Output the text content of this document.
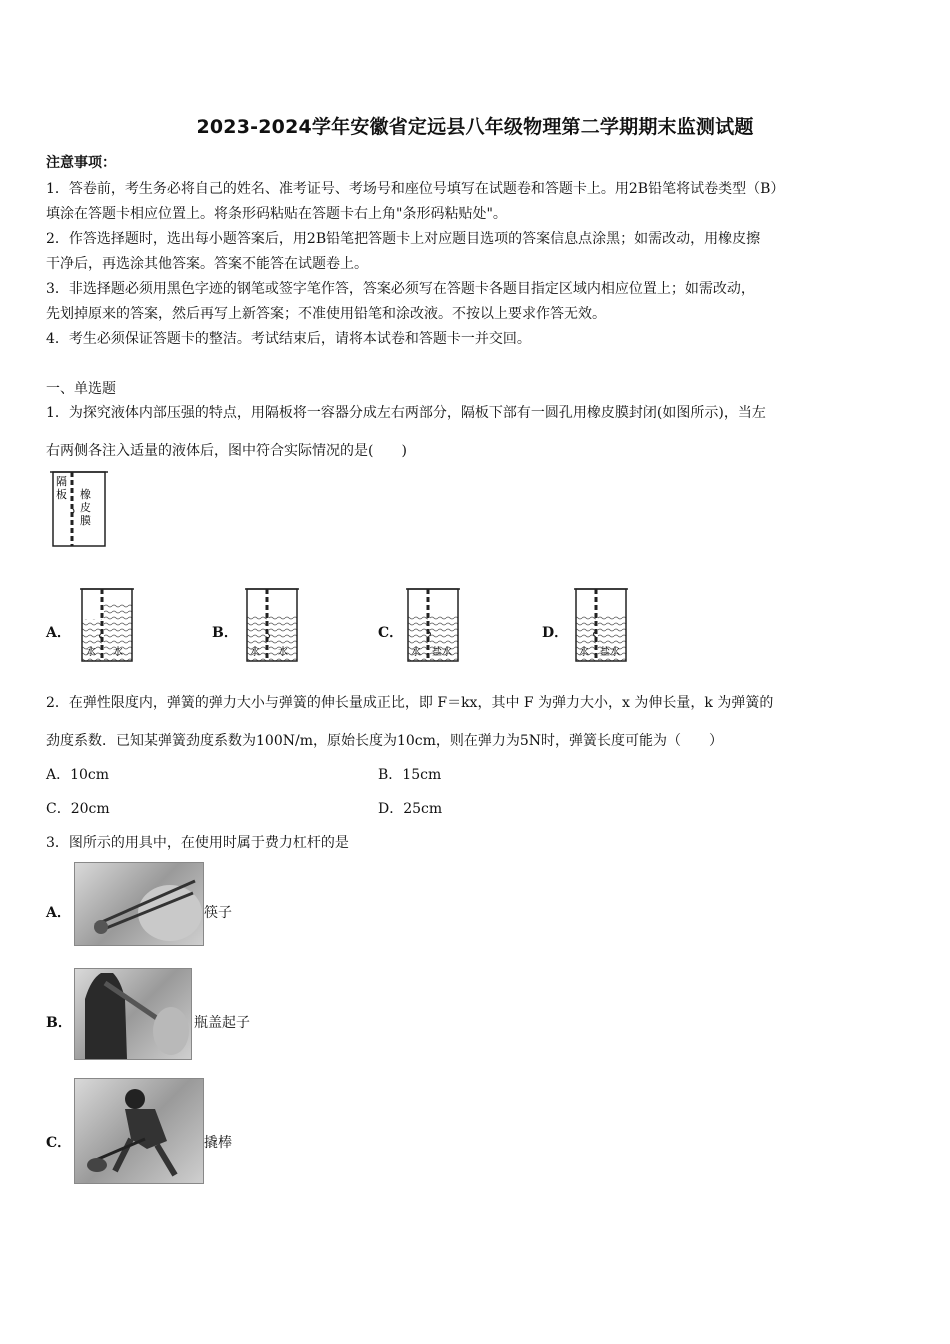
2023-2024学年安徽省定远县八年级物理第二学期期末监测试题
注意事项：
1．答卷前，考生务必将自己的姓名、准考证号、考场号和座位号填写在试题卷和答题卡上。用2B铅笔将试卷类型（B）
填涂在答题卡相应位置上。将条形码粘贴在答题卡右上角"条形码粘贴处"。
2．作答选择题时，选出每小题答案后，用2B铅笔把答题卡上对应题目选项的答案信息点涂黑；如需改动，用橡皮擦
干净后，再选涂其他答案。答案不能答在试题卷上。
3．非选择题必须用黑色字迹的钢笔或签字笔作答，答案必须写在答题卡各题目指定区域内相应位置上；如需改动，
先划掉原来的答案，然后再写上新答案；不准使用铅笔和涂改液。不按以上要求作答无效。
4．考生必须保证答题卡的整洁。考试结束后，请将本试卷和答题卡一并交回。
一、单选题
1．为探究液体内部压强的特点，用隔板将一容器分成左右两部分，隔板下部有一圆孔用橡皮膜封闭(如图所示)，当左
右两侧各注入适量的液体后，图中符合实际情况的是(　　)
隔
板 橡
皮
膜
A．
水 水
B．
水 水
C．
水 盐水
D．
水 盐水
2．在弹性限度内，弹簧的弹力大小与弹簧的伸长量成正比，即 F＝kx，其中 F 为弹力大小，x 为伸长量，k 为弹簧的
劲度系数．已知某弹簧劲度系数为100N/m，原始长度为10cm，则在弹力为5N时，弹簧长度可能为（　　）
A．10cm	B．15cm
C．20cm	D．25cm
3．图所示的用具中，在使用时属于费力杠杆的是
A．	筷子
B．	瓶盖起子
C．	撬棒
